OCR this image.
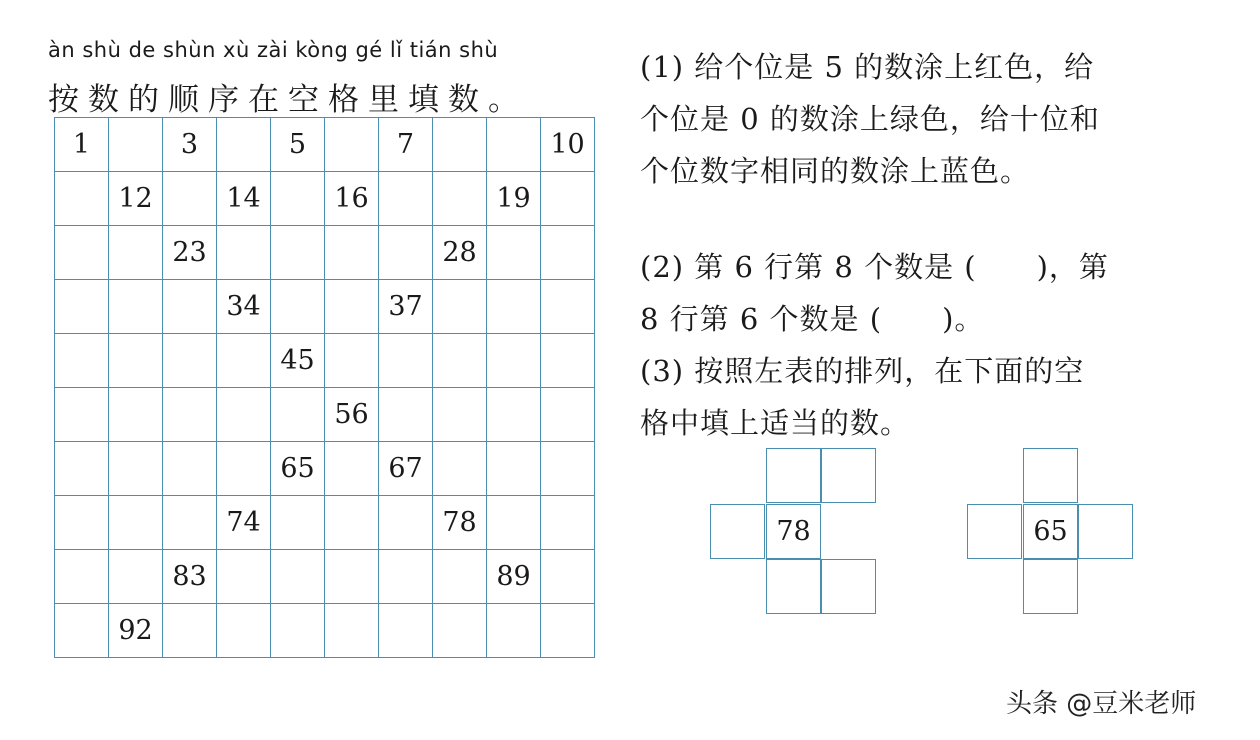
àn shù de shùn xù zài kòng gé lǐ tián shù
按数的顺序在空格里填数。
1		3		5		7			10
	12		14		16			19	
		23					28		
			34			37			
				45					
					56				
				65		67			
			74				78		
		83						89	
	92								
(1) 给个位是 5 的数涂上红色，给
个位是 0 的数涂上绿色，给十位和
个位数字相同的数涂上蓝色。
(2) 第 6 行第 8 个数是 ( )，第
8 行第 6 个数是 ( )。
(3) 按照左表的排列，在下面的空
格中填上适当的数。
78	65
头条 @豆米老师
